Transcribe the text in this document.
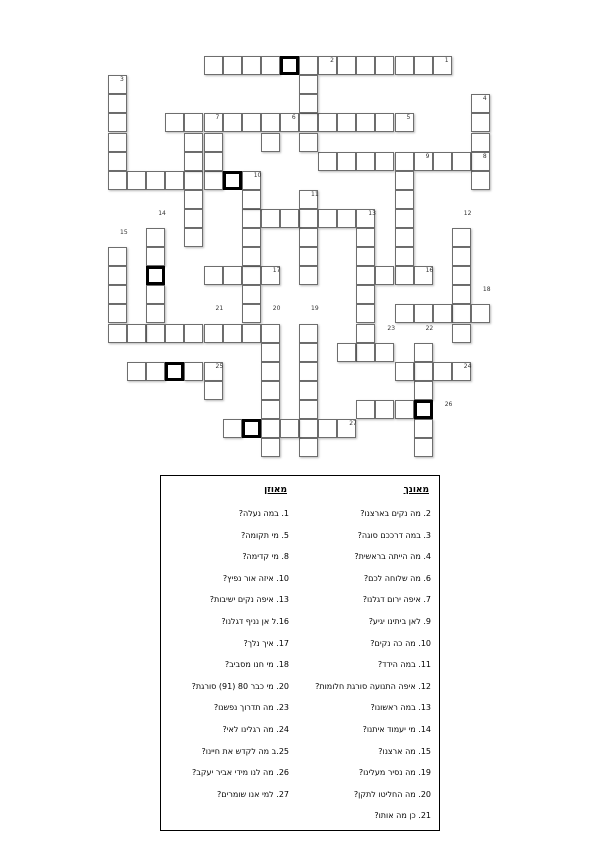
1
2
3
4
5
6
7
8
9
10
11
12
13
14
15
16
17
18
19
20
21
22
23
24
25
26
27
מאונך
מאוזן
2. מה נקים בארצנו?
3. במה דרככם סוגה?
4. מה הייתה בראשית?
6. מה שלוחה לכם?
7. איפה ירום דגלנו?
9. לאן ביתינו יגיע?
10. מה כה נקים?
11. במה הידד?
12. איפה התנועה סורגת חלומות?
13. במה ראשונו?
14. מי יעמוד איתנו?
15. מה ארצנו?
19. מה נסיר מעלינו?
20. מה החליטו לתקן?
21. כן מה אותו?
1. במה נעלה?
5. מי תקומה?
8. מי קדימה?
10. איזה אור נפיץ?
13. איפה נקים ישיבות?
16.ל אן נניף דגלנו?
17. איך נלך?
18. מי חנו מסביב?
20. מי כבר 80 (91) סורגת?
23. מה תדרוך נפשנו?
24. מה רגלינו לאי?
25.ב מה לקדש את חיינו?
26. מה לנו מידי אביר יעקב?
27. למי אנו שומרים?
